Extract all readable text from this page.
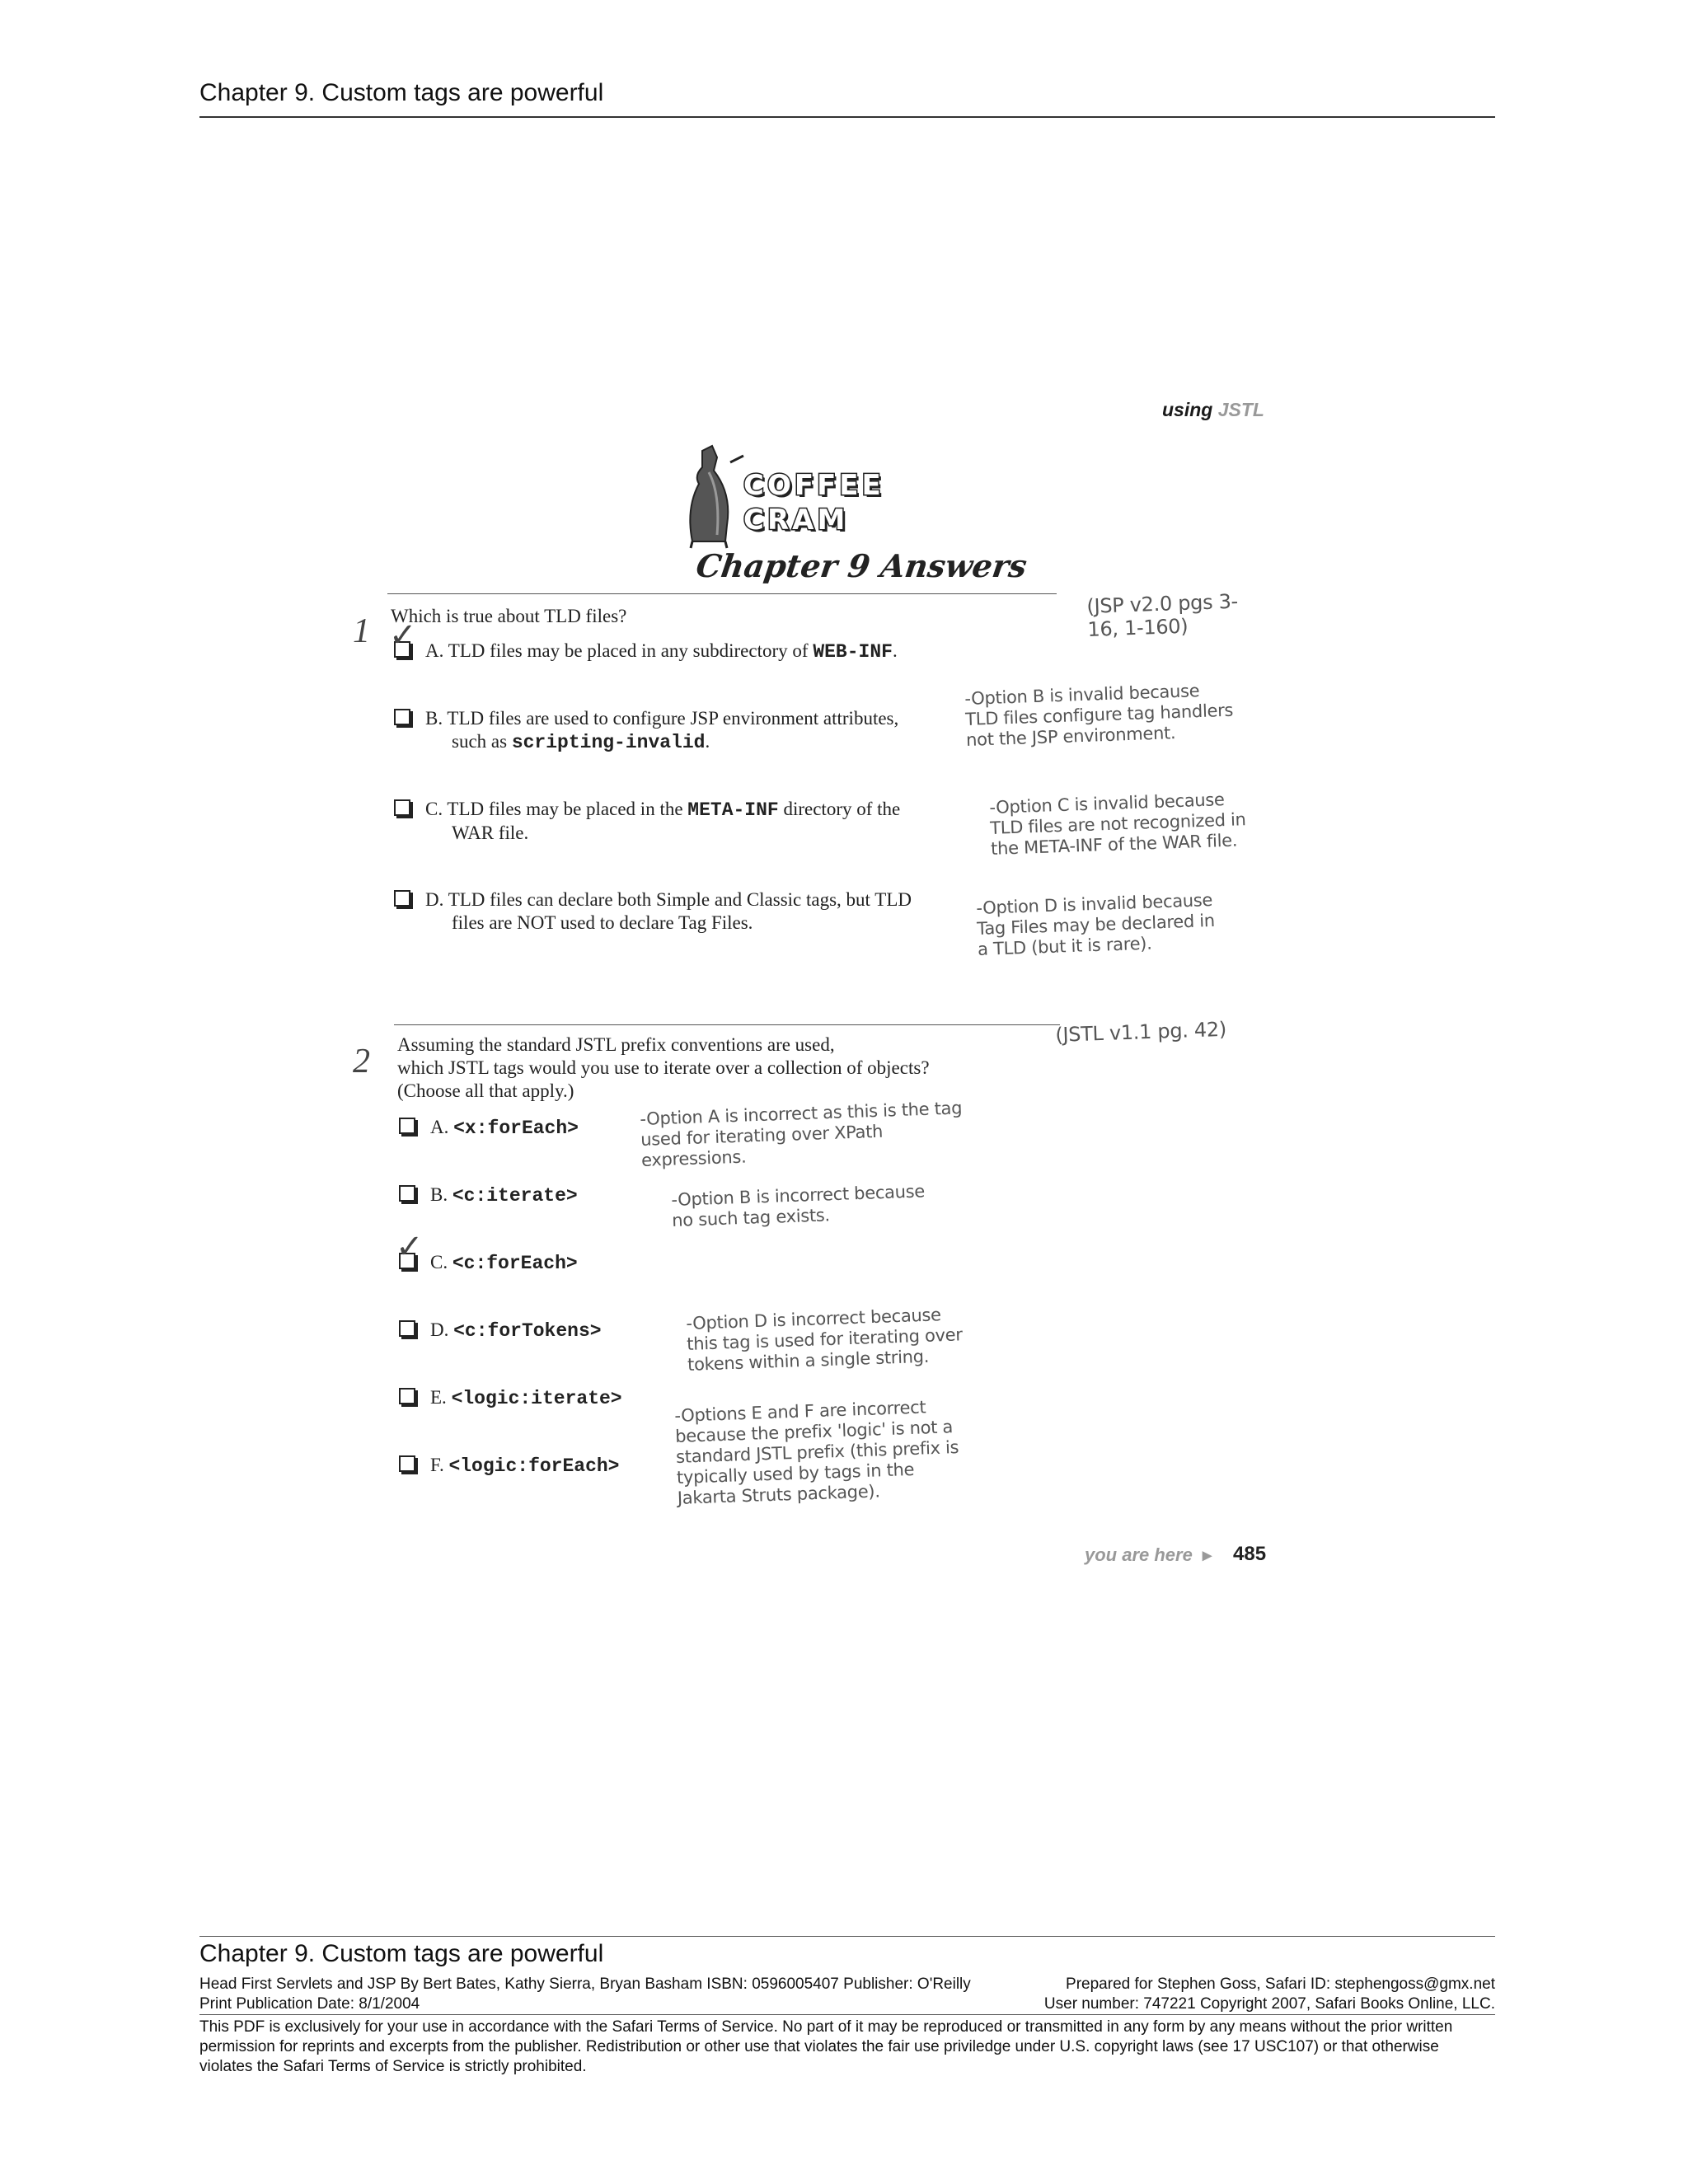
Chapter 9. Custom tags are powerful
using JSTL
COFFEE
CRAM
Chapter 9 Answers
1 Which is true about TLD files?	(JSP v2.0 pgs 3-16, 1-160)
A. TLD files may be placed in any subdirectory of WEB-INF.
✓
B. TLD files are used to configure JSP environment attributes,
such as scripting-invalid.
-Option B is invalid because TLD files configure tag handlers not the JSP environment.
C. TLD files may be placed in the META-INF directory of the
WAR file.
-Option C is invalid because TLD files are not recognized in the META-INF of the WAR file.
D. TLD files can declare both Simple and Classic tags, but TLD
files are NOT used to declare Tag Files.
-Option D is invalid because Tag Files may be declared in a TLD (but it is rare).
2 Assuming the standard JSTL prefix conventions are used,
which JSTL tags would you use to iterate over a collection of objects?
(Choose all that apply.)
(JSTL v1.1 pg. 42)
A. <x:forEach>	-Option A is incorrect as this is the tag used for iterating over XPath expressions.
B. <c:iterate>	-Option B is incorrect because no such tag exists.
C. <c:forEach>
✓
D. <c:forTokens>	-Option D is incorrect because this tag is used for iterating over tokens within a single string.
E. <logic:iterate>
F. <logic:forEach>
-Options E and F are incorrect because the prefix 'logic' is not a standard JSTL prefix (this prefix is typically used by tags in the Jakarta Struts package).
you are here ▸ 485
Chapter 9. Custom tags are powerful
Head First Servlets and JSP By Bert Bates, Kathy Sierra, Bryan Basham ISBN: 0596005407 Publisher: O'Reilly	Prepared for Stephen Goss, Safari ID: stephengoss@gmx.net
Print Publication Date: 8/1/2004	User number: 747221 Copyright 2007, Safari Books Online, LLC.
This PDF is exclusively for your use in accordance with the Safari Terms of Service. No part of it may be reproduced or transmitted in any form by any means without the prior written permission for reprints and excerpts from the publisher. Redistribution or other use that violates the fair use priviledge under U.S. copyright laws (see 17 USC107) or that otherwise violates the Safari Terms of Service is strictly prohibited.
